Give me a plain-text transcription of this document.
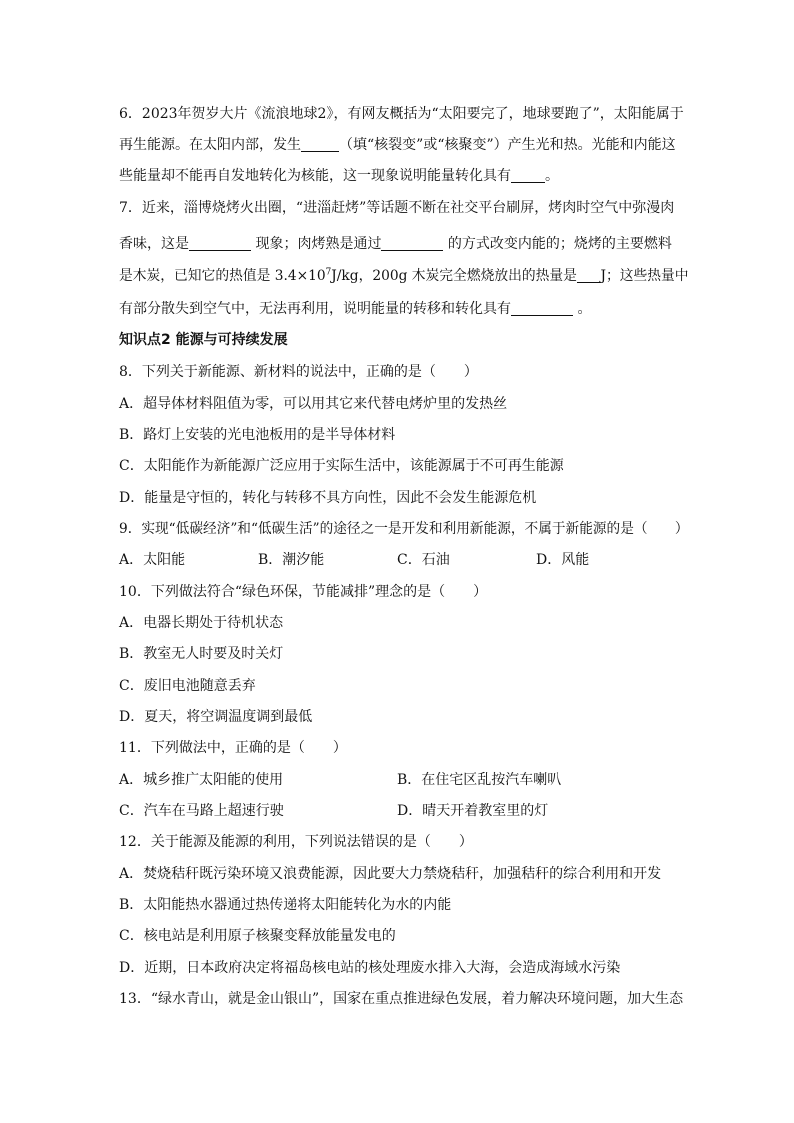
6．2023年贺岁大片《流浪地球2》，有网友概括为“太阳要完了，地球要跑了”，太阳能属于
再生能源。在太阳内部，发生	（填“核裂变”或“核聚变”）产生光和热。光能和内能这
些能量却不能再自发地转化为核能，这一现象说明能量转化具有 。
7．近来，淄博烧烤火出圈，“进淄赶烤”等话题不断在社交平台刷屏，烤肉时空气中弥漫肉
香味，这是	现象；肉烤熟是通过	的方式改变内能的；烧烤的主要燃料
是木炭，已知它的热值是 $3.4\times 10^7J/kg$，200g 木炭完全燃烧放出的热量是 J；这些热量中
有部分散失到空气中，无法再利用，说明能量的转移和转化具有	。
知识点2 能源与可持续发展
8．下列关于新能源、新材料的说法中，正确的是（　　）
A．超导体材料阻值为零，可以用其它来代替电烤炉里的发热丝
B．路灯上安装的光电池板用的是半导体材料
C．太阳能作为新能源广泛应用于实际生活中，该能源属于不可再生能源
D．能量是守恒的，转化与转移不具方向性，因此不会发生能源危机
9．实现“低碳经济”和“低碳生活”的途径之一是开发和利用新能源，不属于新能源的是（　　）
A．太阳能	B．潮汐能	C．石油	D．风能
10．下列做法符合“绿色环保，节能减排”理念的是（　　）
A．电器长期处于待机状态
B．教室无人时要及时关灯
C．废旧电池随意丢弃
D．夏天，将空调温度调到最低
11．下列做法中，正确的是（　　）
A．城乡推广太阳能的使用	B．在住宅区乱按汽车喇叭
C．汽车在马路上超速行驶	D．晴天开着教室里的灯
12．关于能源及能源的利用，下列说法错误的是（　　）
A．焚烧秸秆既污染环境又浪费能源，因此要大力禁烧秸秆，加强秸秆的综合利用和开发
B．太阳能热水器通过热传递将太阳能转化为水的内能
C．核电站是利用原子核聚变释放能量发电的
D．近期，日本政府决定将福岛核电站的核处理废水排入大海，会造成海域水污染
13．“绿水青山，就是金山银山”，国家在重点推进绿色发展，着力解决环境问题，加大生态
